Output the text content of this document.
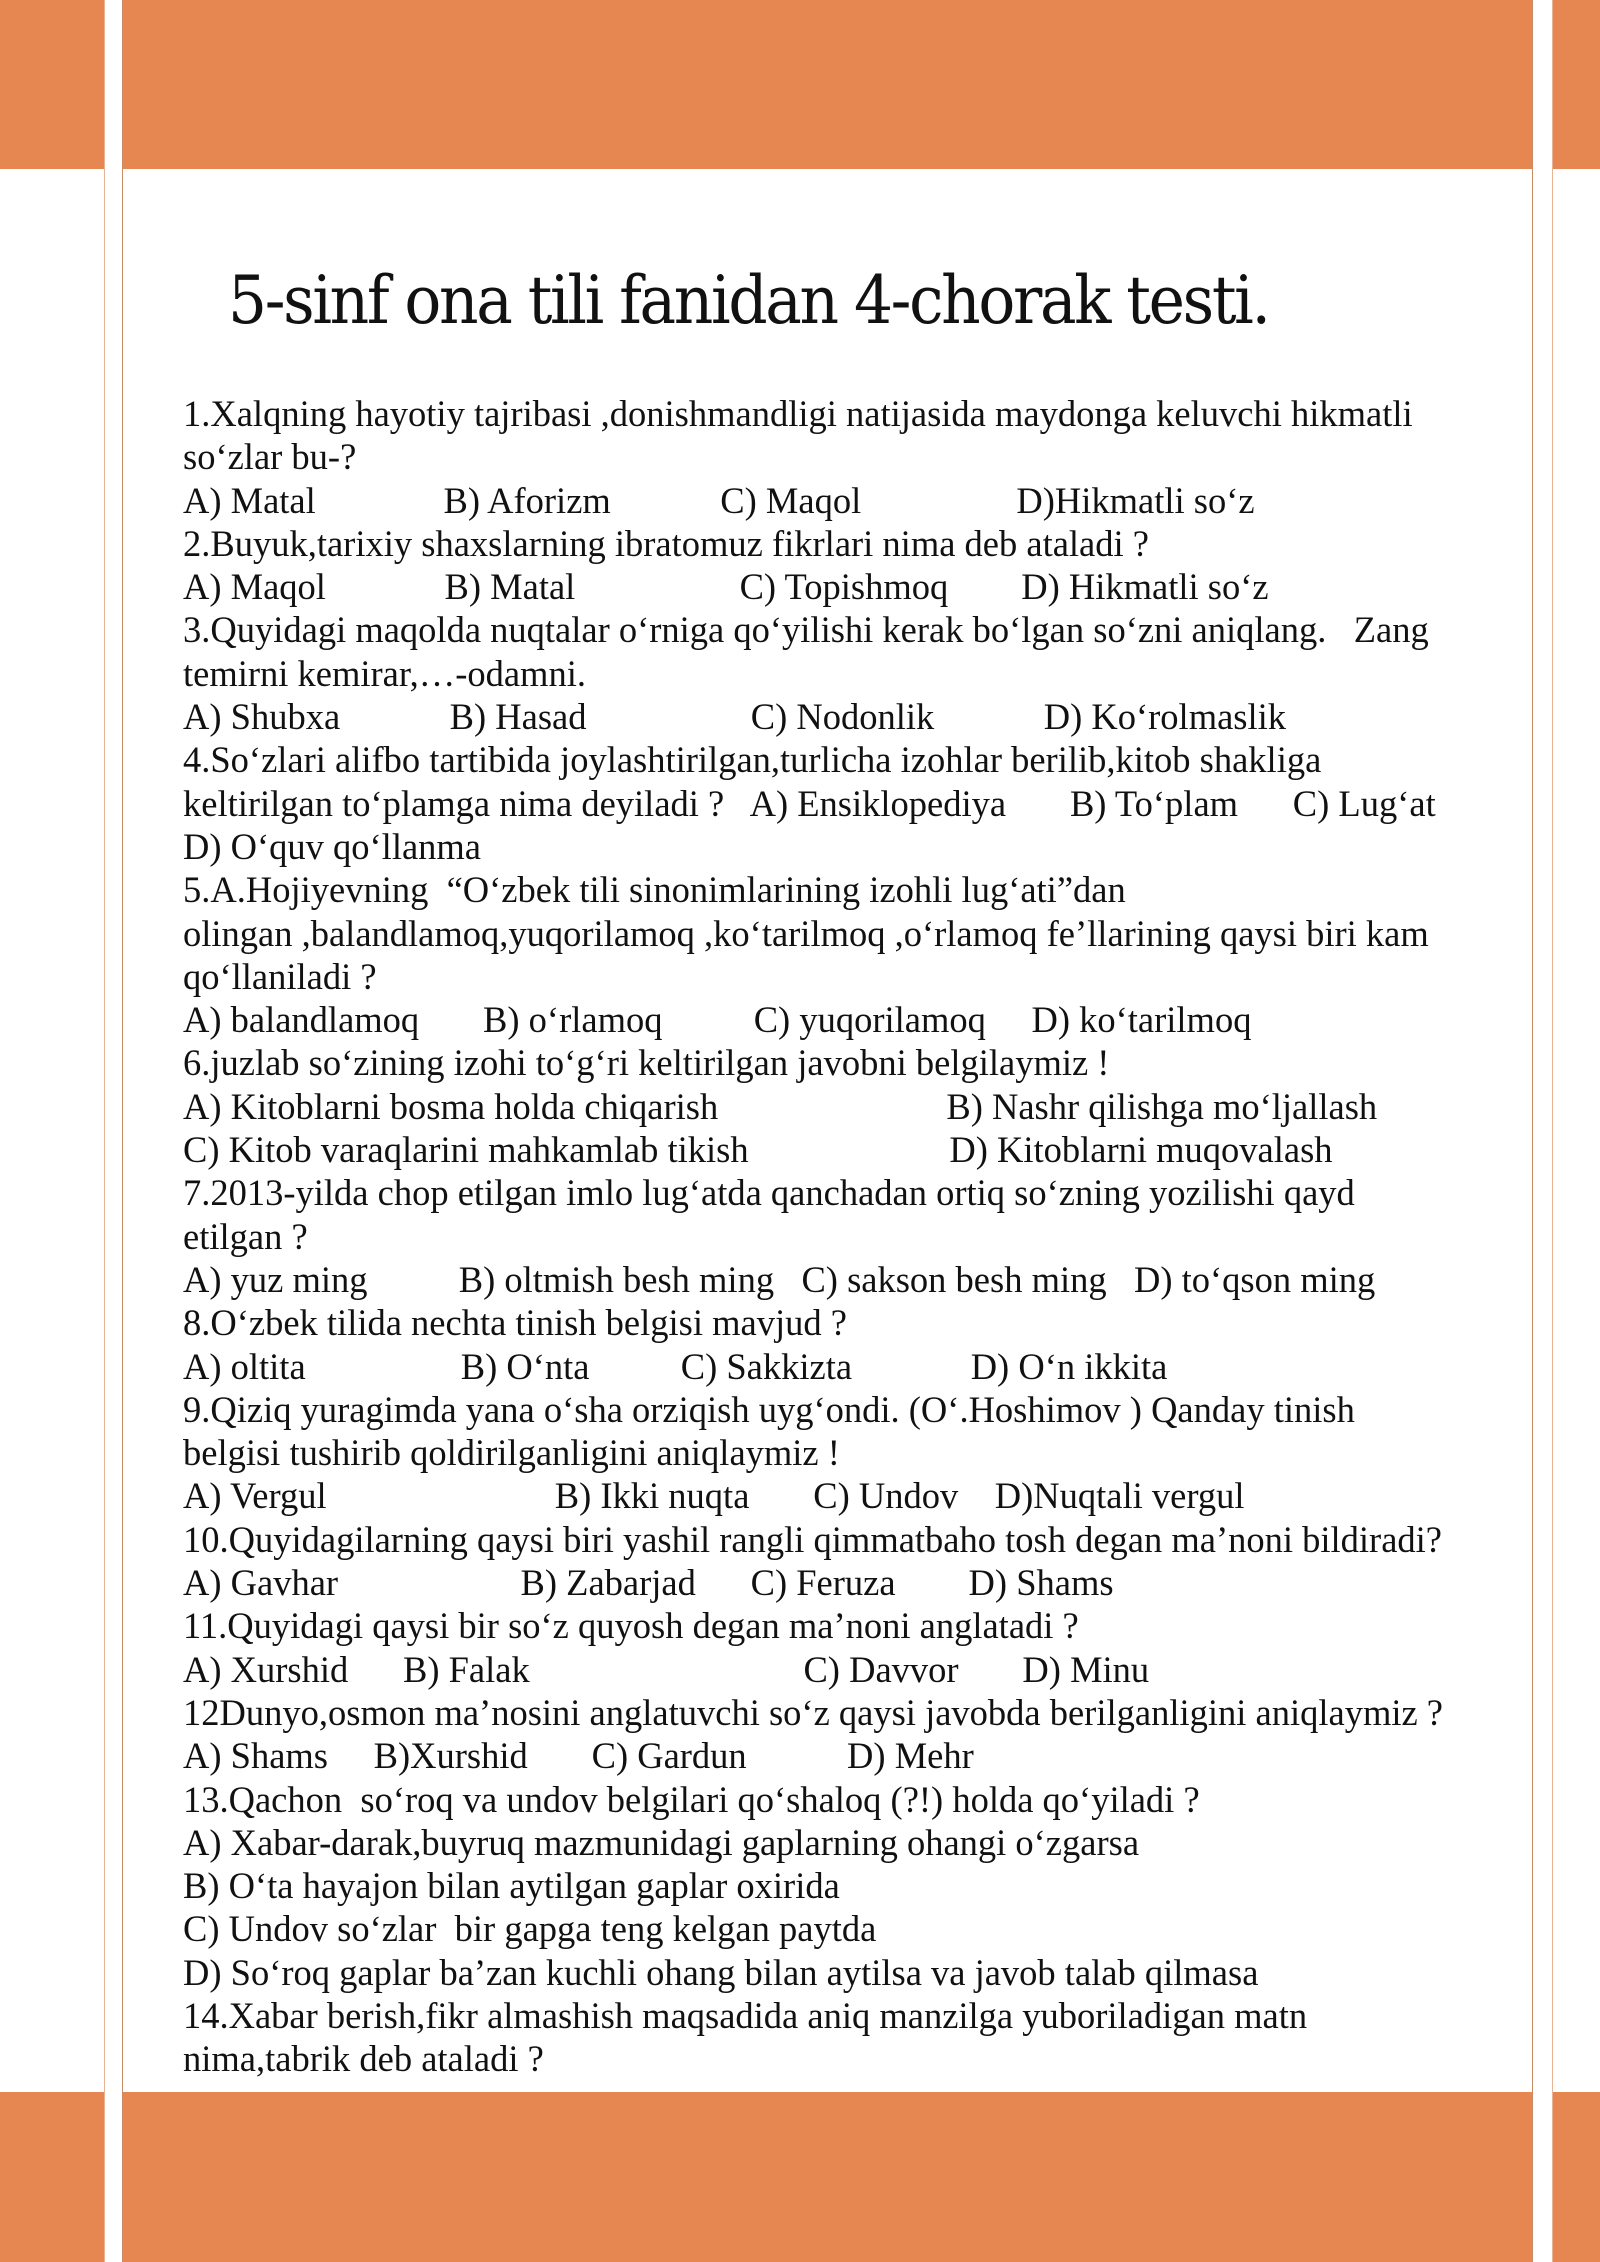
5-sinf ona tili fanidan 4-chorak testi.
1.Xalqning hayotiy tajribasi ,donishmandligi natijasida maydonga keluvchi hikmatli
so‘zlar bu-?
A) Matal              B) Aforizm            C) Maqol                 D)Hikmatli so‘z
2.Buyuk,tarixiy shaxslarning ibratomuz fikrlari nima deb ataladi ?
A) Maqol             B) Matal                  C) Topishmoq        D) Hikmatli so‘z
3.Quyidagi maqolda nuqtalar o‘rniga qo‘yilishi kerak bo‘lgan so‘zni aniqlang.   Zang
temirni kemirar,…-odamni.
A) Shubxa            B) Hasad                  C) Nodonlik            D) Ko‘rolmaslik
4.So‘zlari alifbo tartibida joylashtirilgan,turlicha izohlar berilib,kitob shakliga
keltirilgan to‘plamga nima deyiladi ?   A) Ensiklopediya       B) To‘plam      C) Lug‘at
D) O‘quv qo‘llanma
5.A.Hojiyevning  “O‘zbek tili sinonimlarining izohli lug‘ati”dan
olingan ,balandlamoq,yuqorilamoq ,ko‘tarilmoq ,o‘rlamoq fe’llarining qaysi biri kam
qo‘llaniladi ?
A) balandlamoq       B) o‘rlamoq          C) yuqorilamoq     D) ko‘tarilmoq
6.juzlab so‘zining izohi to‘g‘ri keltirilgan javobni belgilaymiz !
A) Kitoblarni bosma holda chiqarish                         B) Nashr qilishga mo‘ljallash
C) Kitob varaqlarini mahkamlab tikish                      D) Kitoblarni muqovalash
7.2013-yilda chop etilgan imlo lug‘atda qanchadan ortiq so‘zning yozilishi qayd
etilgan ?
A) yuz ming          B) oltmish besh ming   C) sakson besh ming   D) to‘qson ming
8.O‘zbek tilida nechta tinish belgisi mavjud ?
A) oltita                 B) O‘nta          C) Sakkizta             D) O‘n ikkita
9.Qiziq yuragimda yana o‘sha orziqish uyg‘ondi. (O‘.Hoshimov ) Qanday tinish
belgisi tushirib qoldirilganligini aniqlaymiz !
A) Vergul                         B) Ikki nuqta       C) Undov    D)Nuqtali vergul
10.Quyidagilarning qaysi biri yashil rangli qimmatbaho tosh degan ma’noni bildiradi?
A) Gavhar                    B) Zabarjad      C) Feruza        D) Shams
11.Quyidagi qaysi bir so‘z quyosh degan ma’noni anglatadi ?
A) Xurshid      B) Falak                              C) Davvor       D) Minu
12Dunyo,osmon ma’nosini anglatuvchi so‘z qaysi javobda berilganligini aniqlaymiz ?
A) Shams     B)Xurshid       C) Gardun           D) Mehr
13.Qachon  so‘roq va undov belgilari qo‘shaloq (?!) holda qo‘yiladi ?
A) Xabar-darak,buyruq mazmunidagi gaplarning ohangi o‘zgarsa
B) O‘ta hayajon bilan aytilgan gaplar oxirida
C) Undov so‘zlar  bir gapga teng kelgan paytda
D) So‘roq gaplar ba’zan kuchli ohang bilan aytilsa va javob talab qilmasa
14.Xabar berish,fikr almashish maqsadida aniq manzilga yuboriladigan matn
nima,tabrik deb ataladi ?
